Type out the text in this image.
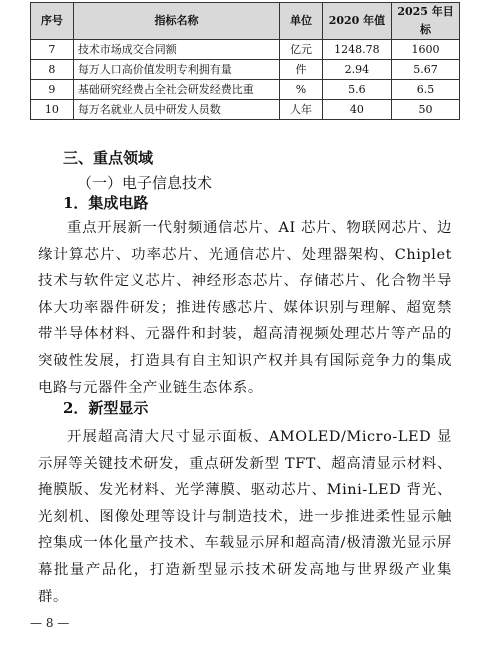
序号	指标名称	单位	2020 年值	2025 年目标
7	技术市场成交合同额	亿元	1248.78	1600
8	每万人口高价值发明专利拥有量	件	2.94	5.67
9	基础研究经费占全社会研发经费比重	%	5.6	6.5
10	每万名就业人员中研发人员数	人年	40	50
三、重点领域
（一）电子信息技术
1．集成电路
重点开展新一代射频通信芯片、AI 芯片、物联网芯片、边缘计算芯片、功率芯片、光通信芯片、处理器架构、Chiplet 技术与软件定义芯片、神经形态芯片、存储芯片、化合物半导体大功率器件研发；推进传感芯片、媒体识别与理解、超宽禁带半导体材料、元器件和封装，超高清视频处理芯片等产品的突破性发展，打造具有自主知识产权并具有国际竞争力的集成电路与元器件全产业链生态体系。
2．新型显示
开展超高清大尺寸显示面板、AMOLED/Micro-LED 显示屏等关键技术研发，重点研发新型 TFT、超高清显示材料、掩膜版、发光材料、光学薄膜、驱动芯片、Mini-LED 背光、光刻机、图像处理等设计与制造技术，进一步推进柔性显示触控集成一体化量产技术、车载显示屏和超高清/极清激光显示屏幕批量产品化，打造新型显示技术研发高地与世界级产业集群。
— 8 —
